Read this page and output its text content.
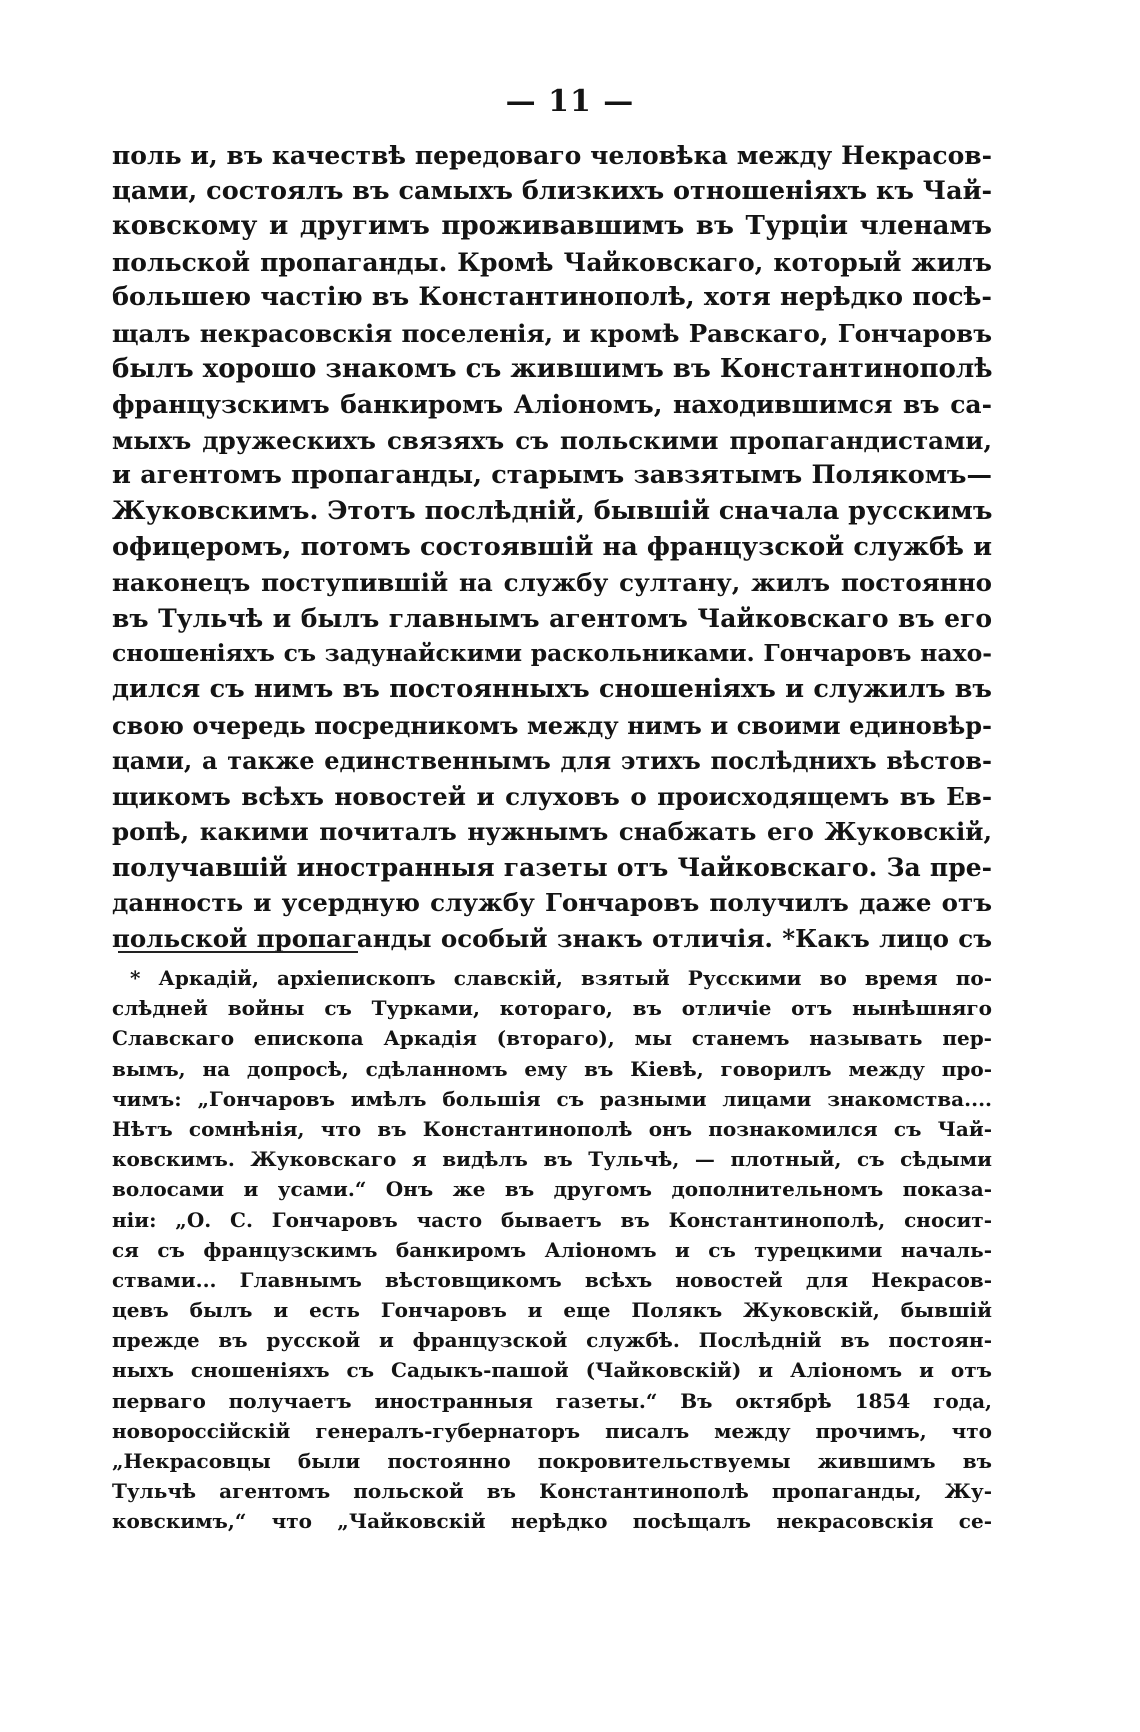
— 11 —
поль и, въ качествѣ передоваго человѣка между Некрасов-
цами, состоялъ въ самыхъ близкихъ отношеніяхъ къ Чай-
ковскому и другимъ проживавшимъ въ Турціи членамъ
польской пропаганды. Кромѣ Чайковскаго, который жилъ
большею частію въ Константинополѣ, хотя нерѣдко посѣ-
щалъ некрасовскія поселенія, и кромѣ Равскаго, Гончаровъ
былъ хорошо знакомъ съ жившимъ въ Константинополѣ
французскимъ банкиромъ Аліономъ, находившимся въ са-
мыхъ дружескихъ связяхъ съ польскими пропагандистами,
и агентомъ пропаганды, старымъ завзятымъ Полякомъ—
Жуковскимъ. Этотъ послѣдній, бывшій сначала русскимъ
офицеромъ, потомъ состоявшій на французской службѣ и
наконецъ поступившій на службу султану, жилъ постоянно
въ Тульчѣ и былъ главнымъ агентомъ Чайковскаго въ его
сношеніяхъ съ задунайскими раскольниками. Гончаровъ нахо-
дился съ нимъ въ постоянныхъ сношеніяхъ и служилъ въ
свою очередь посредникомъ между нимъ и своими единовѣр-
цами, а также единственнымъ для этихъ послѣднихъ вѣстов-
щикомъ всѣхъ новостей и слуховъ о происходящемъ въ Ев-
ропѣ, какими почиталъ нужнымъ снабжать его Жуковскій,
получавшій иностранныя газеты отъ Чайковскаго. За пре-
данность и усердную службу Гончаровъ получилъ даже отъ
польской пропаганды особый знакъ отличія. *Какъ лицо съ
* Аркадій, архіепископъ славскій, взятый Русскими во время по-
слѣдней войны съ Турками, котораго, въ отличіе отъ нынѣшняго
Славскаго епископа Аркадія (втораго), мы станемъ называть пер-
вымъ, на допросѣ, сдѣланномъ ему въ Кіевѣ, говорилъ между про-
чимъ: „Гончаровъ имѣлъ большія съ разными лицами знакомства....
Нѣтъ сомнѣнія, что въ Константинополѣ онъ познакомился съ Чай-
ковскимъ. Жуковскаго я видѣлъ въ Тульчѣ, — плотный, съ сѣдыми
волосами и усами.“ Онъ же въ другомъ дополнительномъ показа-
ніи: „О. С. Гончаровъ часто бываетъ въ Константинополѣ, сносит-
ся съ французскимъ банкиромъ Аліономъ и съ турецкими началь-
ствами... Главнымъ вѣстовщикомъ всѣхъ новостей для Некрасов-
цевъ былъ и есть Гончаровъ и еще Полякъ Жуковскій, бывшій
прежде въ русской и французской службѣ. Послѣдній въ постоян-
ныхъ сношеніяхъ съ Садыкъ-пашой (Чайковскій) и Аліономъ и отъ
перваго получаетъ иностранныя газеты.“ Въ октябрѣ 1854 года,
новороссійскій генералъ-губернаторъ писалъ между прочимъ, что
„Некрасовцы были постоянно покровительствуемы жившимъ въ
Тульчѣ агентомъ польской въ Константинополѣ пропаганды, Жу-
ковскимъ,“ что „Чайковскій нерѣдко посѣщалъ некрасовскія се-
